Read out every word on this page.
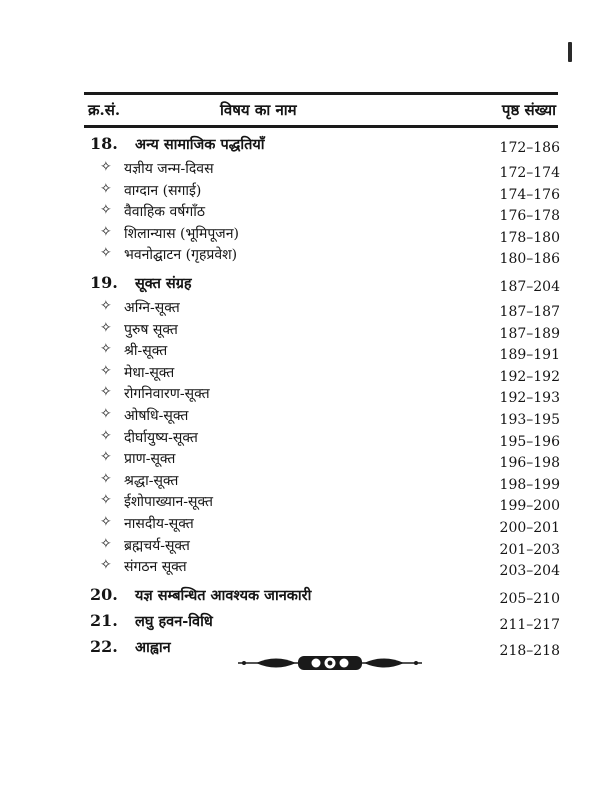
क्र.सं.	विषय का नाम	पृष्ठ संख्या
18. अन्य सामाजिक पद्धतियाँ	172–186
✧ यज्ञीय जन्म-दिवस	172–174
✧ वाग्दान (सगाई)	174–176
✧ वैवाहिक वर्षगाँठ	176–178
✧ शिलान्यास (भूमिपूजन)	178–180
✧ भवनोद्घाटन (गृहप्रवेश)	180–186
19. सूक्त संग्रह	187–204
✧ अग्नि-सूक्त	187–187
✧ पुरुष सूक्त	187–189
✧ श्री-सूक्त	189–191
✧ मेधा-सूक्त	192–192
✧ रोगनिवारण-सूक्त	192–193
✧ ओषधि-सूक्त	193–195
✧ दीर्घायुष्य-सूक्त	195–196
✧ प्राण-सूक्त	196–198
✧ श्रद्धा-सूक्त	198–199
✧ ईशोपाख्यान-सूक्त	199–200
✧ नासदीय-सूक्त	200–201
✧ ब्रह्मचर्य-सूक्त	201–203
✧ संगठन सूक्त	203–204
20. यज्ञ सम्बन्धित आवश्यक जानकारी	205–210
21. लघु हवन-विधि	211–217
22. आह्वान	218–218
